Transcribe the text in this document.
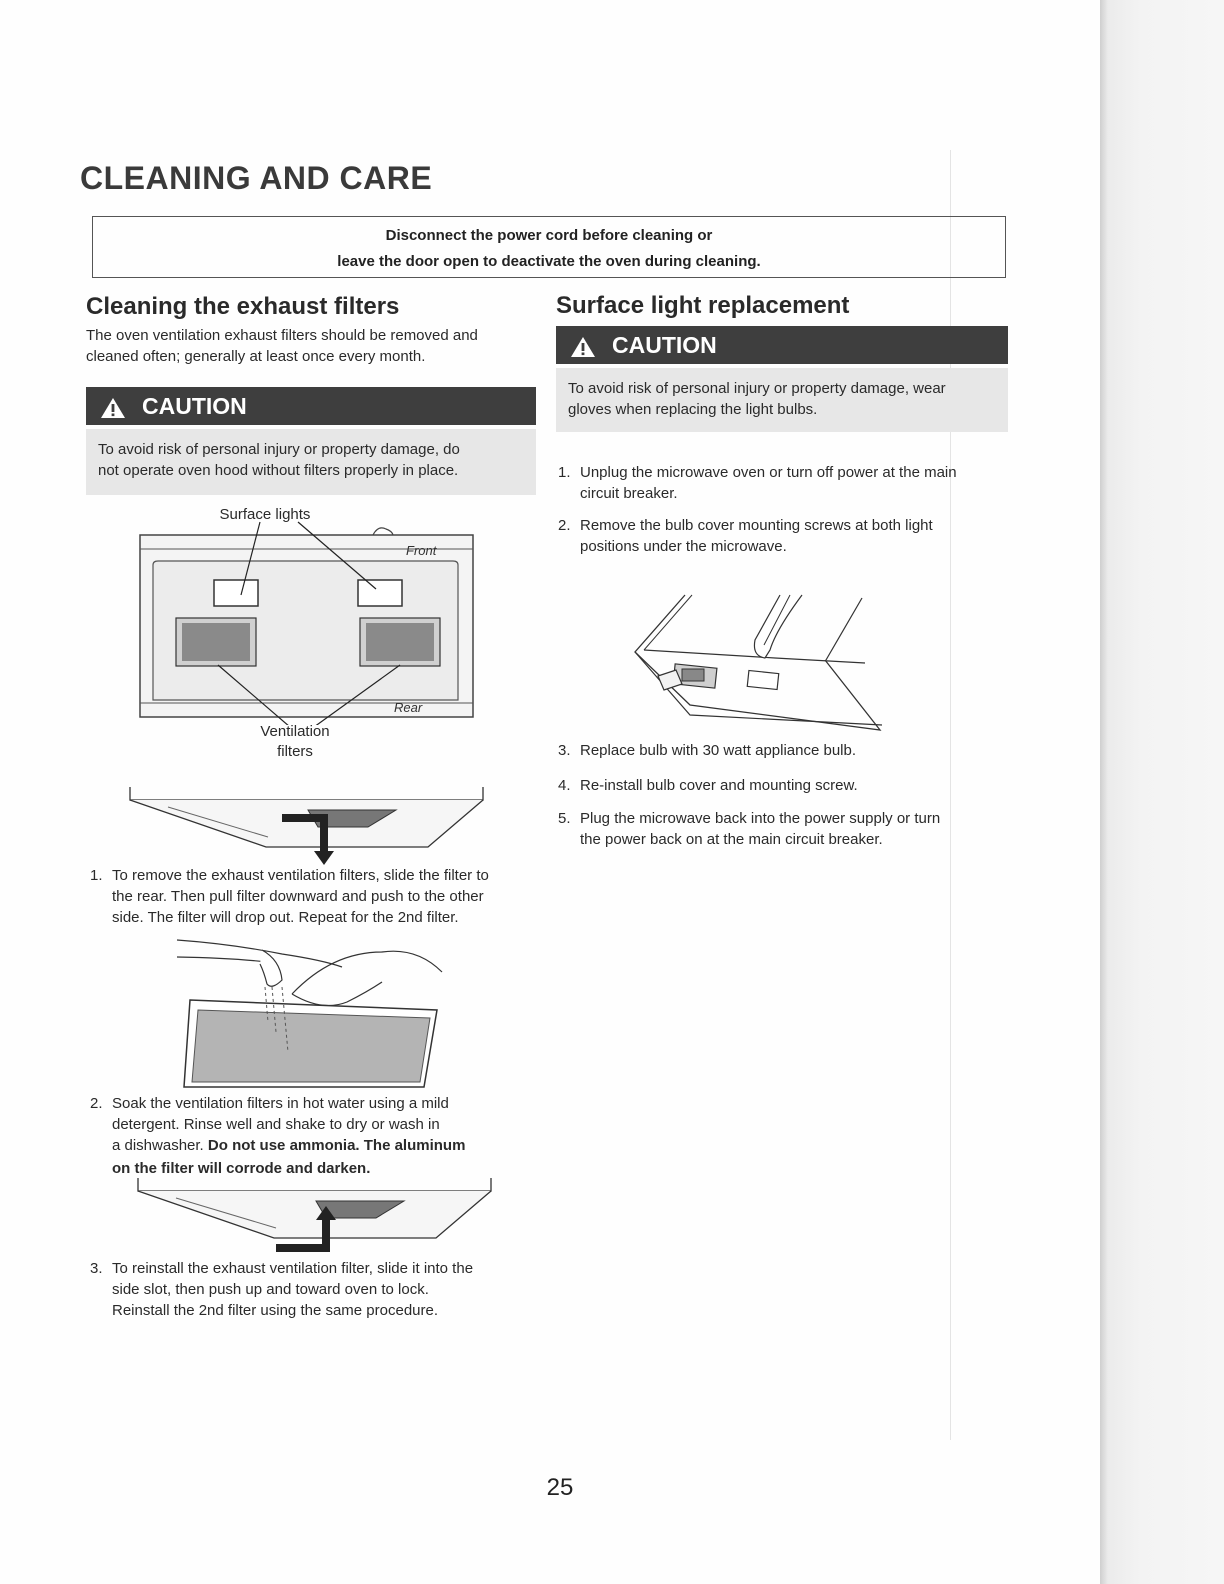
CLEANING AND CARE
Disconnect the power cord before cleaning or
leave the door open to deactivate the oven during cleaning.
Cleaning the exhaust filters
The oven ventilation exhaust filters should be removed and
cleaned often; generally at least once every month.
CAUTION
To avoid risk of personal injury or property damage, do
not operate oven hood without filters properly in place.
Front
Rear
Surface lights
Ventilation
filters
1. To remove the exhaust ventilation filters, slide the filter to
the rear. Then pull filter downward and push to the other
side. The filter will drop out. Repeat for the 2nd filter.
2. Soak the ventilation filters in hot water using a mild
detergent. Rinse well and shake to dry or wash in
a dishwasher. Do not use ammonia. The aluminum
on the filter will corrode and darken.
3. To reinstall the exhaust ventilation filter, slide it into the
side slot, then push up and toward oven to lock.
Reinstall the 2nd filter using the same procedure.
Surface light replacement
CAUTION
To avoid risk of personal injury or property damage, wear
gloves when replacing the light bulbs.
1. Unplug the microwave oven or turn off power at the main
circuit breaker.
2. Remove the bulb cover mounting screws at both light
positions under the microwave.
3. Replace bulb with 30 watt appliance bulb.
4. Re-install bulb cover and mounting screw.
5. Plug the microwave back into the power supply or turn
the power back on at the main circuit breaker.
25
